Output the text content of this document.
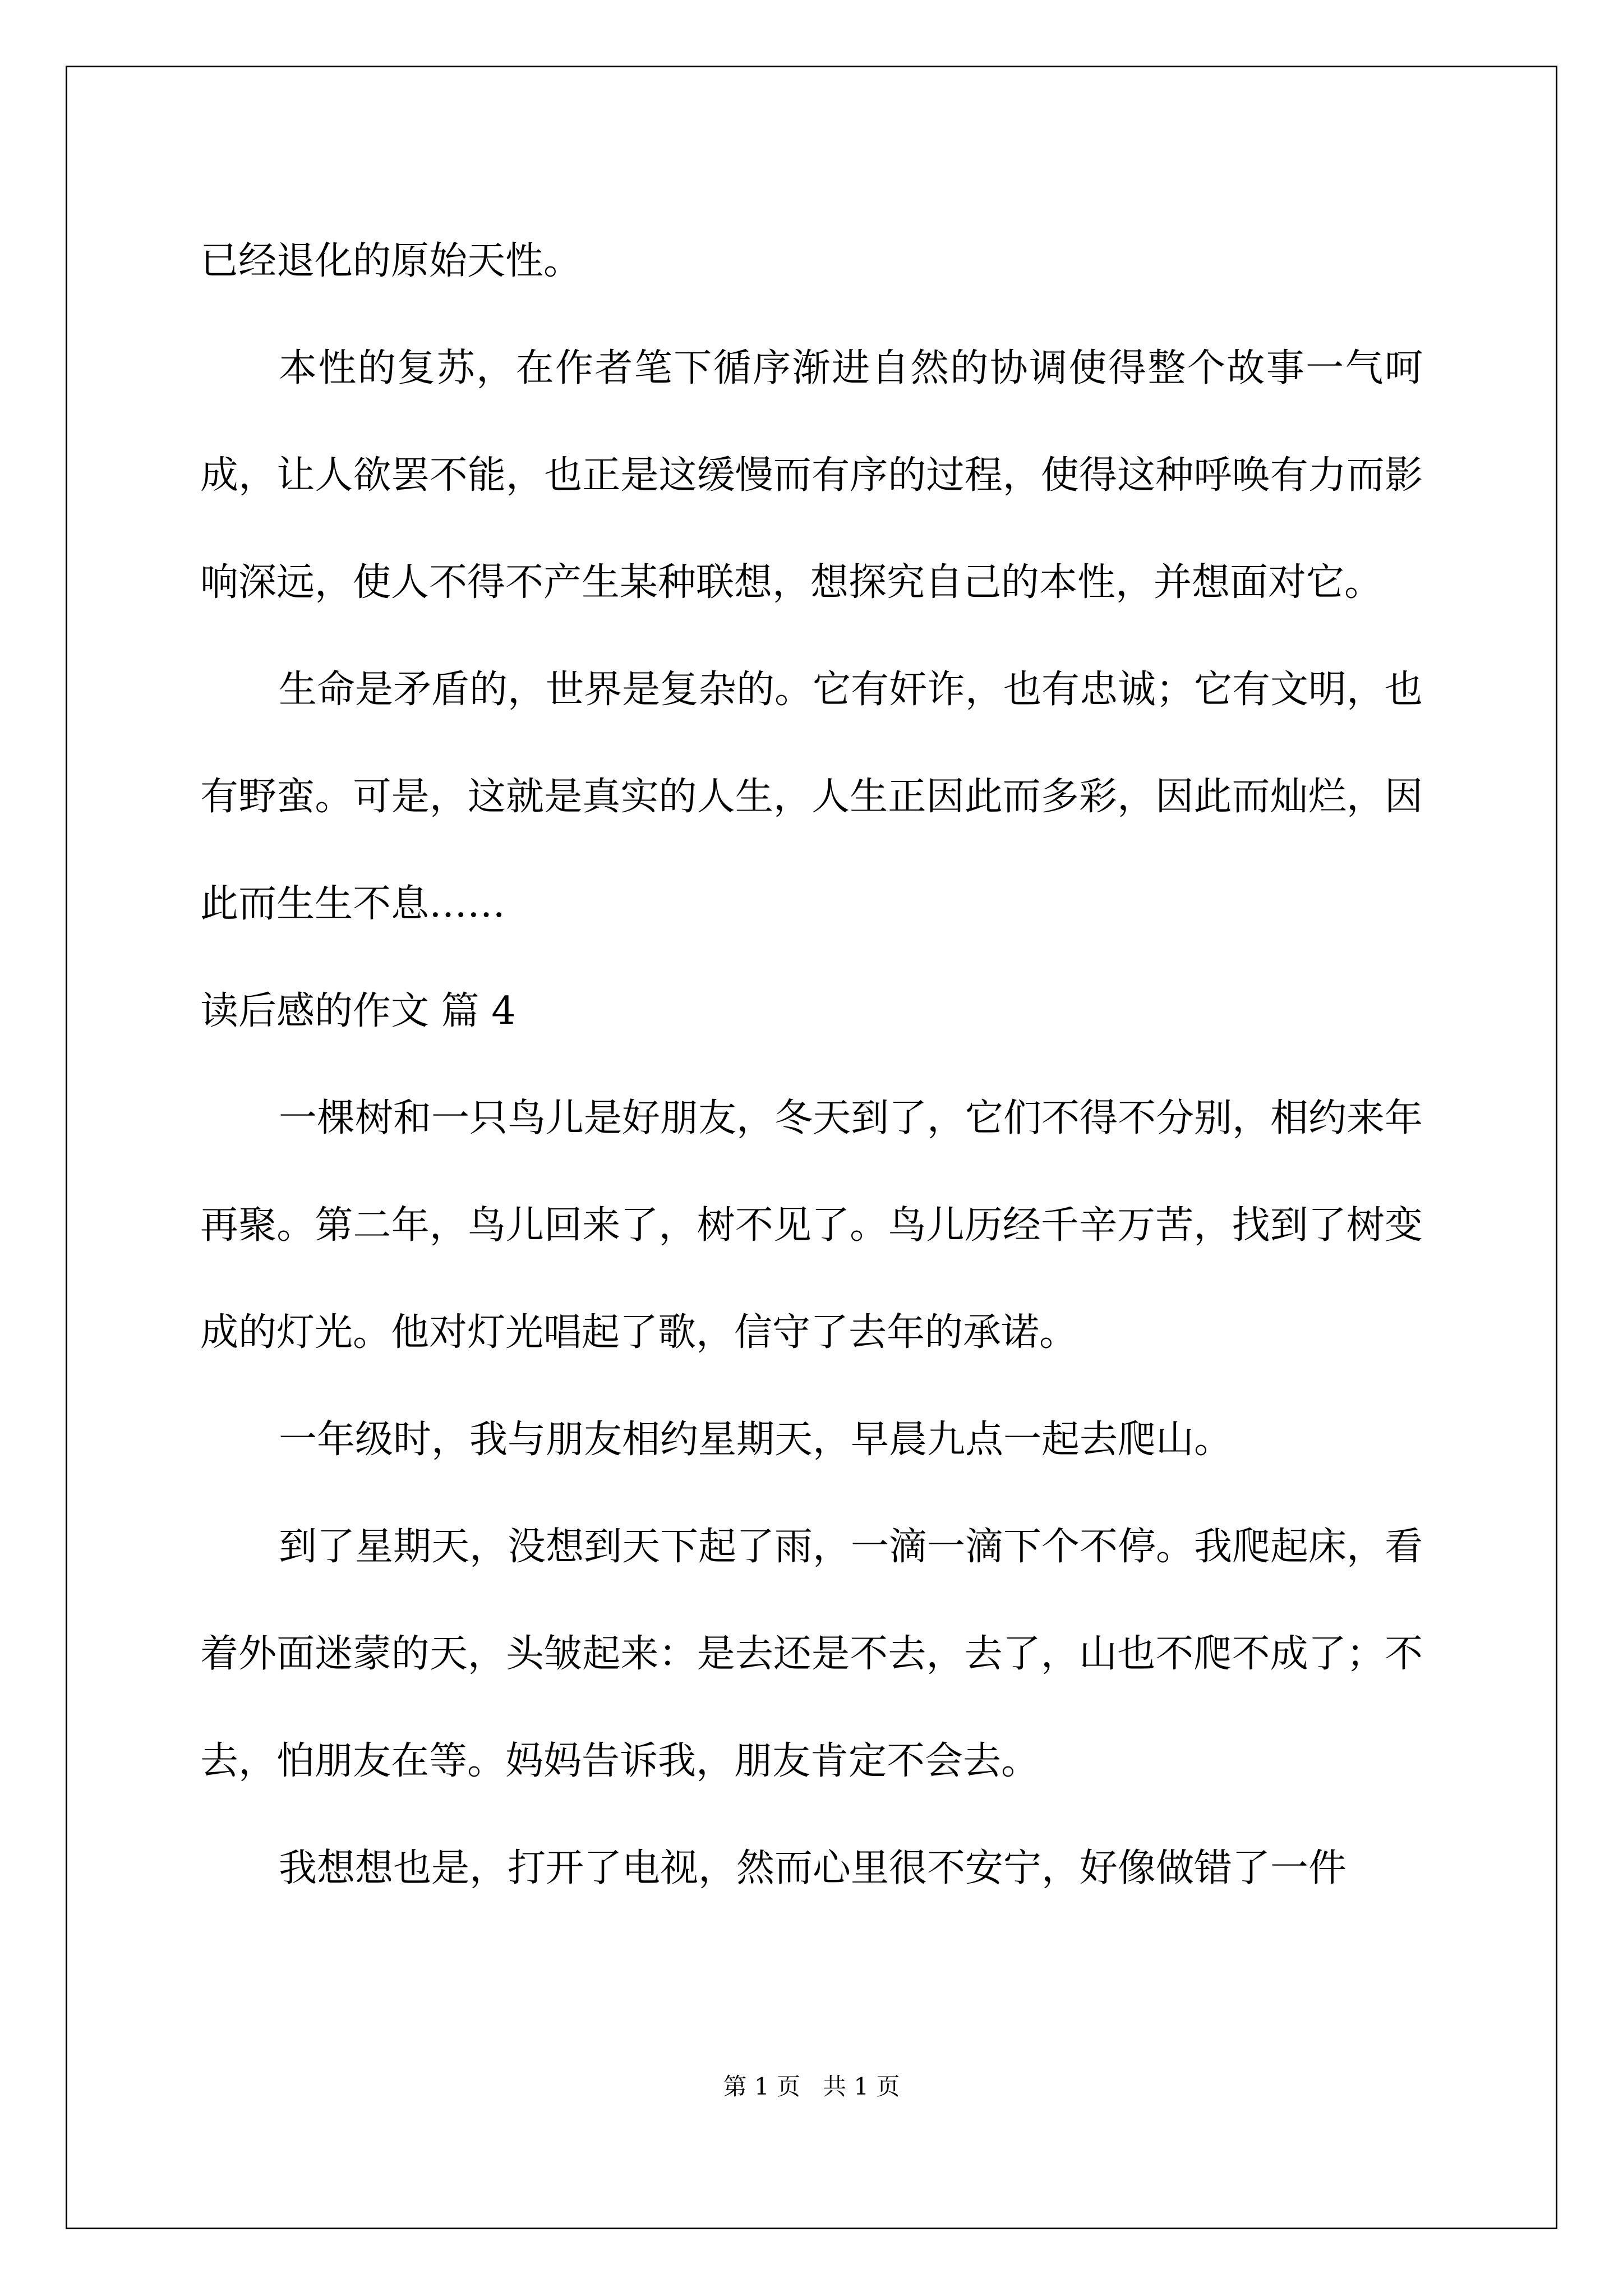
已经退化的原始天性。

本性的复苏，在作者笔下循序渐进自然的协调使得整个故事一气呵成，让人欲罢不能，也正是这缓慢而有序的过程，使得这种呼唤有力而影响深远，使人不得不产生某种联想，想探究自己的本性，并想面对它。

生命是矛盾的，世界是复杂的。它有奸诈，也有忠诚；它有文明，也有野蛮。可是，这就是真实的人生，人生正因此而多彩，因此而灿烂，因此而生生不息……

读后感的作文 篇 4

一棵树和一只鸟儿是好朋友，冬天到了，它们不得不分别，相约来年再聚。第二年，鸟儿回来了，树不见了。鸟儿历经千辛万苦，找到了树变成的灯光。他对灯光唱起了歌，信守了去年的承诺。

一年级时，我与朋友相约星期天，早晨九点一起去爬山。

到了星期天，没想到天下起了雨，一滴一滴下个不停。我爬起床，看着外面迷蒙的天，头皱起来：是去还是不去，去了，山也不爬不成了；不去，怕朋友在等。妈妈告诉我，朋友肯定不会去。

我想想也是，打开了电视，然而心里很不安宁，好像做错了一件

第 1 页   共 1 页
